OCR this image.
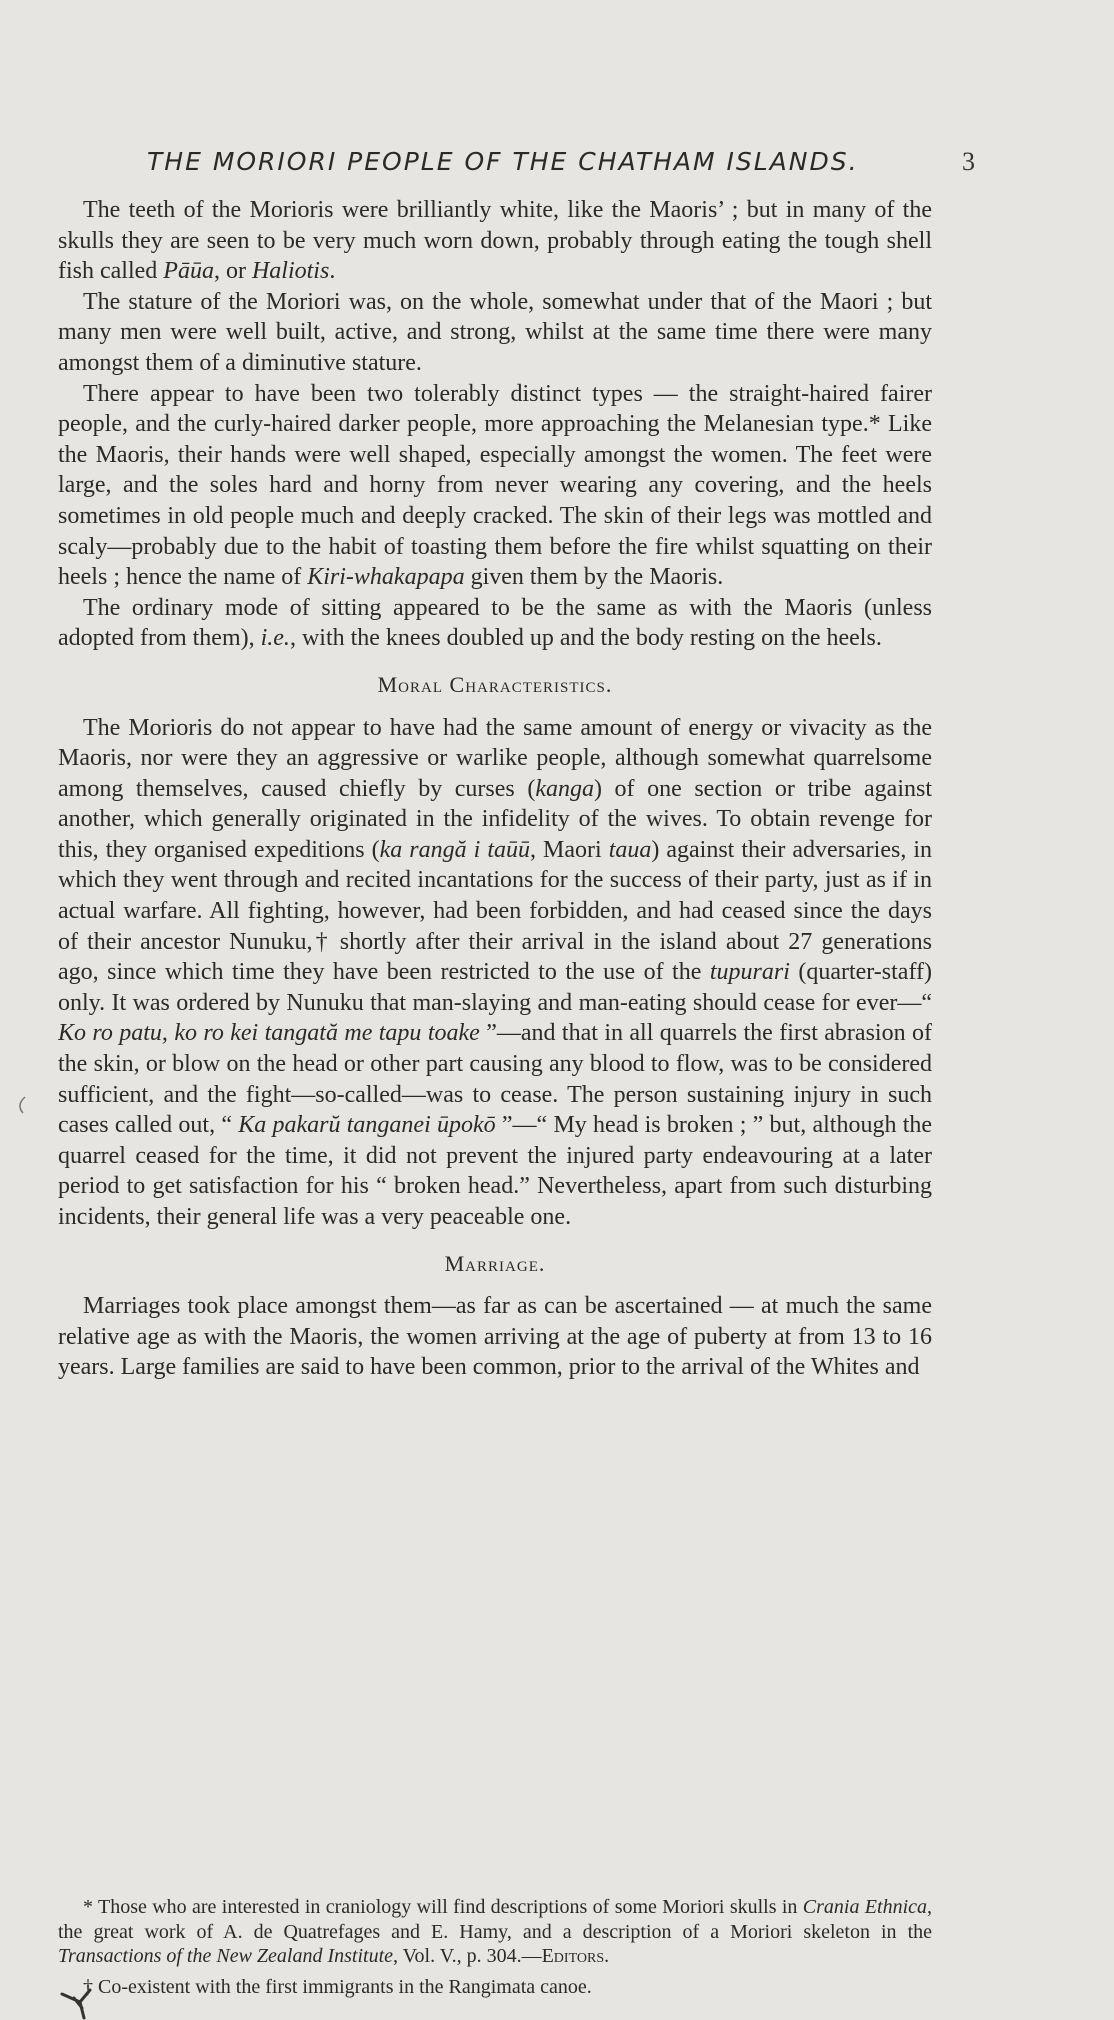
THE MORIORI PEOPLE OF THE CHATHAM ISLANDS.	3

The teeth of the Morioris were brilliantly white, like the Maoris’ ; but in many of the skulls they are seen to be very much worn down, probably through eating the tough shell fish called Pāūa, or Haliotis.

The stature of the Moriori was, on the whole, somewhat under that of the Maori ; but many men were well built, active, and strong, whilst at the same time there were many amongst them of a diminutive stature.

There appear to have been two tolerably distinct types — the straight-haired fairer people, and the curly-haired darker people, more approaching the Melanesian type.* Like the Maoris, their hands were well shaped, especially amongst the women. The feet were large, and the soles hard and horny from never wearing any covering, and the heels sometimes in old people much and deeply cracked. The skin of their legs was mottled and scaly—probably due to the habit of toasting them before the fire whilst squatting on their heels ; hence the name of Kiri-whakapapa given them by the Maoris.

The ordinary mode of sitting appeared to be the same as with the Maoris (unless adopted from them), i.e., with the knees doubled up and the body resting on the heels.

Moral Characteristics.

The Morioris do not appear to have had the same amount of energy or vivacity as the Maoris, nor were they an aggressive or warlike people, although somewhat quarrelsome among themselves, caused chiefly by curses (kanga) of one section or tribe against another, which generally originated in the infidelity of the wives. To obtain revenge for this, they organised expeditions (ka rangă i taūū, Maori taua) against their adversaries, in which they went through and recited incantations for the success of their party, just as if in actual warfare. All fighting, however, had been forbidden, and had ceased since the days of their ancestor Nunuku,† shortly after their arrival in the island about 27 generations ago, since which time they have been restricted to the use of the tupurari (quarter-staff) only. It was ordered by Nunuku that man-slaying and man-eating should cease for ever—“ Ko ro patu, ko ro kei tangată me tapu toake ”—and that in all quarrels the first abrasion of the skin, or blow on the head or other part causing any blood to flow, was to be considered sufficient, and the fight—so-called—was to cease. The person sustaining injury in such cases called out, “ Ka pakarŭ tanganei ūpokō ”—“ My head is broken ; ” but, although the quarrel ceased for the time, it did not prevent the injured party endeavouring at a later period to get satisfaction for his “ broken head.” Nevertheless, apart from such disturbing incidents, their general life was a very peaceable one.

Marriage.

Marriages took place amongst them—as far as can be ascertained — at much the same relative age as with the Maoris, the women arriving at the age of puberty at from 13 to 16 years. Large families are said to have been common, prior to the arrival of the Whites and

* Those who are interested in craniology will find descriptions of some Moriori skulls in Crania Ethnica, the great work of A. de Quatrefages and E. Hamy, and a description of a Moriori skeleton in the Transactions of the New Zealand Institute, Vol. V., p. 304.—Editors.

† Co-existent with the first immigrants in the Rangimata canoe.
